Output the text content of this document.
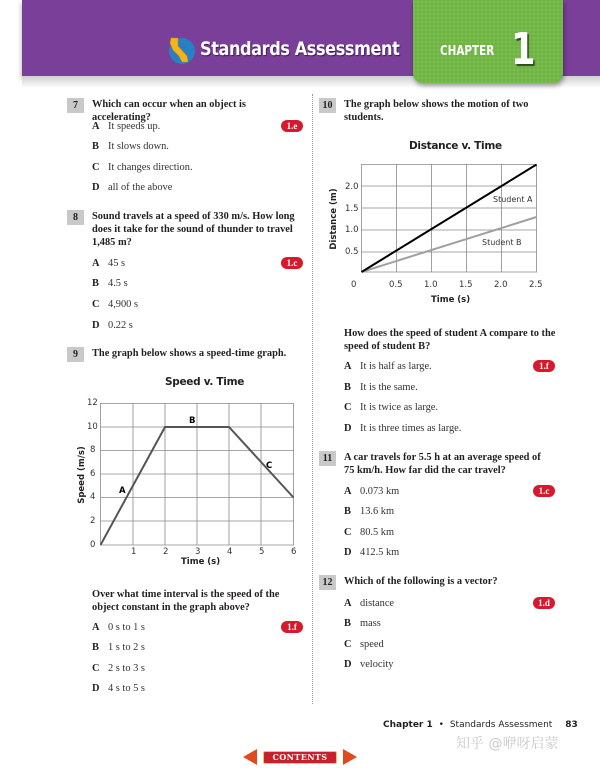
Standards Assessment	CHAPTER 1
7	Which can occur when an object is accelerating?
1.e
A It speeds up.
B It slows down.
C It changes direction.
D all of the above
8	Sound travels at a speed of 330 m/s. How long
does it take for the sound of thunder to travel
1,485 m?
1.c
A 45 s
B 4.5 s
C 4,900 s
D 0.22 s
9	The graph below shows a speed-time graph.
Speed v. Time
A
B
C
12
10
8
6
4
2
0
1	2	3	4	5	6
Time (s)
Speed (m/s)
Over what time interval is the speed of the
object constant in the graph above?
1.f
A 0 s to 1 s
B 1 s to 2 s
C 2 s to 3 s
D 4 s to 5 s
10	The graph below shows the motion of two
students.
Distance v. Time
Student A
Student B
2.0
1.5
1.0
0.5
0	0.5	1.0	1.5	2.0	2.5
Time (s)
Distance (m)
How does the speed of student A compare to the
speed of student B?
1.f
A It is half as large.
B It is the same.
C It is twice as large.
D It is three times as large.
11	A car travels for 5.5 h at an average speed of
75 km/h. How far did the car travel?
1.c
A 0.073 km
B 13.6 km
C 80.5 km
D 412.5 km
12	Which of the following is a vector?
1.d
A distance
B mass
C speed
D velocity
Chapter 1 • Standards Assessment 83
知乎 @咿呀启蒙
CONTENTS
